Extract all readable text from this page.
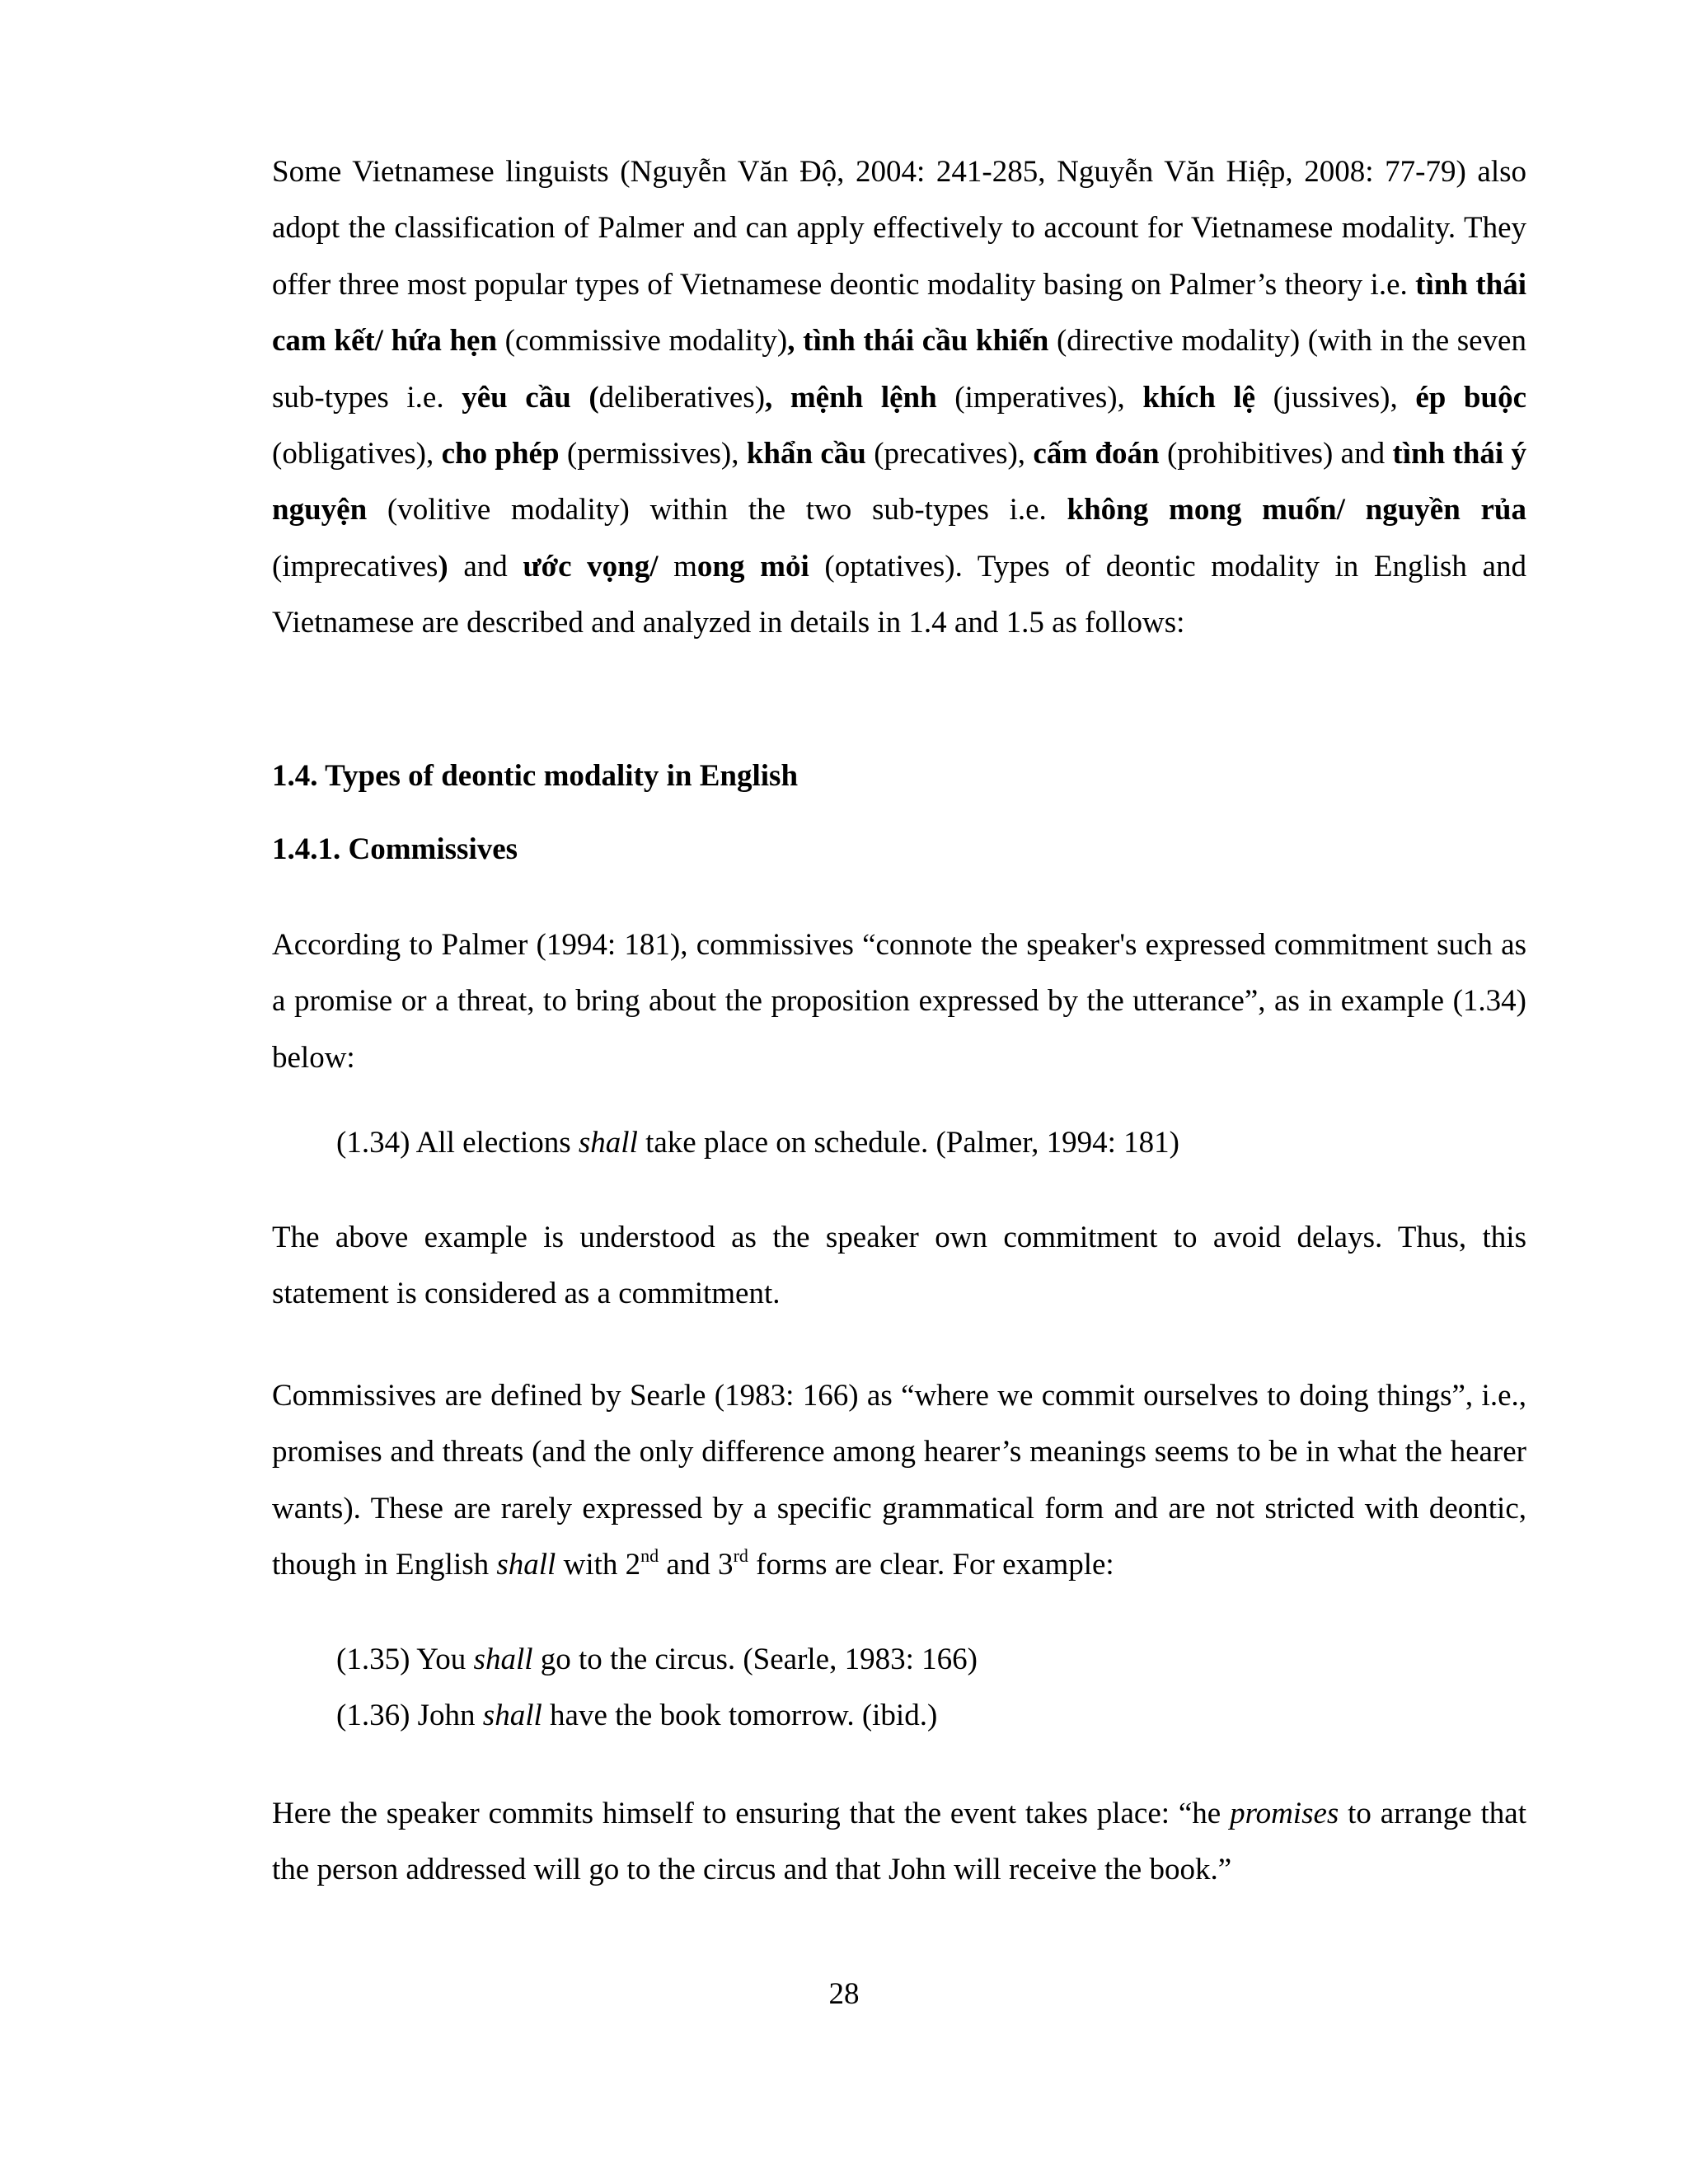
Some Vietnamese linguists (Nguyễn Văn Độ, 2004: 241-285, Nguyễn Văn Hiệp, 2008: 77-79) also adopt the classification of Palmer and can apply effectively to account for Vietnamese modality. They offer three most popular types of Vietnamese deontic modality basing on Palmer’s theory i.e. tình thái cam kết/ hứa hẹn (commissive modality), tình thái cầu khiến (directive modality) (with in the seven sub-types i.e. yêu cầu (deliberatives), mệnh lệnh (imperatives), khích lệ (jussives), ép buộc (obligatives), cho phép (permissives), khẩn cầu (precatives), cấm đoán (prohibitives) and tình thái ý nguyện (volitive modality) within the two sub-types i.e. không mong muốn/ nguyền rủa (imprecatives) and ước vọng/ mong mỏi (optatives). Types of deontic modality in English and Vietnamese are described and analyzed in details in 1.4 and 1.5 as follows:

1.4. Types of deontic modality in English
1.4.1. Commissives

According to Palmer (1994: 181), commissives “connote the speaker's expressed commitment such as a promise or a threat, to bring about the proposition expressed by the utterance”, as in example (1.34) below:

(1.34) All elections shall take place on schedule. (Palmer, 1994: 181)

The above example is understood as the speaker own commitment to avoid delays. Thus, this statement is considered as a commitment.

Commissives are defined by Searle (1983: 166) as “where we commit ourselves to doing things”, i.e., promises and threats (and the only difference among hearer’s meanings seems to be in what the hearer wants). These are rarely expressed by a specific grammatical form and are not stricted with deontic, though in English shall with 2nd and 3rd forms are clear. For example:

(1.35) You shall go to the circus. (Searle, 1983: 166)

(1.36) John shall have the book tomorrow. (ibid.)

Here the speaker commits himself to ensuring that the event takes place: “he promises to arrange that the person addressed will go to the circus and that John will receive the book.”

28
